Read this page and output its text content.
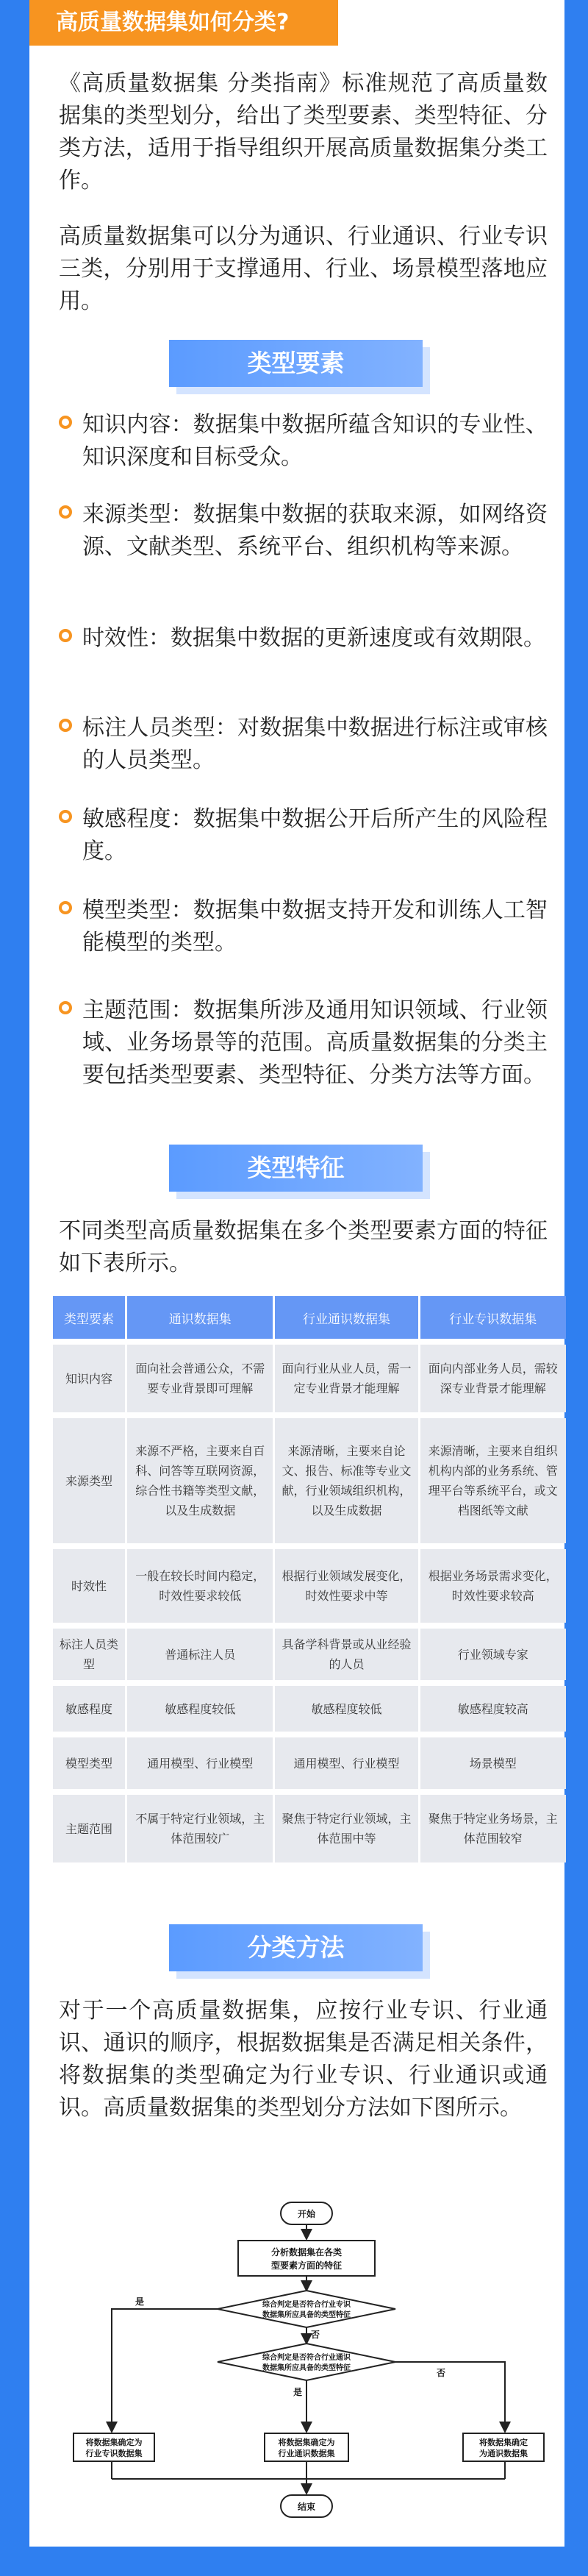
高质量数据集如何分类?
《高质量数据集 分类指南》标准规范了高质量数据集的类型划分，给出了类型要素、类型特征、分类方法，适用于指导组织开展高质量数据集分类工作。
高质量数据集可以分为通识、行业通识、行业专识三类，分别用于支撑通用、行业、场景模型落地应用。
类型要素
知识内容：数据集中数据所蕴含知识的专业性、知识深度和目标受众。
来源类型：数据集中数据的获取来源，如网络资源、文献类型、系统平台、组织机构等来源。
时效性：数据集中数据的更新速度或有效期限。
标注人员类型：对数据集中数据进行标注或审核的人员类型。
敏感程度：数据集中数据公开后所产生的风险程度。
模型类型：数据集中数据支持开发和训练人工智能模型的类型。
主题范围：数据集所涉及通用知识领域、行业领域、业务场景等的范围。高质量数据集的分类主要包括类型要素、类型特征、分类方法等方面。
类型特征
不同类型高质量数据集在多个类型要素方面的特征如下表所示。
类型要素	通识数据集	行业通识数据集	行业专识数据集
知识内容	面向社会普通公众，不需要专业背景即可理解	面向行业从业人员，需一定专业背景才能理解	面向内部业务人员，需较深专业背景才能理解
来源类型	来源不严格，主要来自百科、问答等互联网资源，综合性书籍等类型文献，以及生成数据	来源清晰，主要来自论文、报告、标准等专业文献，行业领域组织机构，以及生成数据	来源清晰，主要来自组织机构内部的业务系统、管理平台等系统平台，或文档图纸等文献
时效性	一般在较长时间内稳定，时效性要求较低	根据行业领域发展变化，时效性要求中等	根据业务场景需求变化，时效性要求较高
标注人员类型	普通标注人员	具备学科背景或从业经验的人员	行业领域专家
敏感程度	敏感程度较低	敏感程度较低	敏感程度较高
模型类型	通用模型、行业模型	通用模型、行业模型	场景模型
主题范围	不属于特定行业领域，主体范围较广	聚焦于特定行业领域，主体范围中等	聚焦于特定业务场景，主体范围较窄
分类方法
对于一个高质量数据集，应按行业专识、行业通识、通识的顺序，根据数据集是否满足相关条件，将数据集的类型确定为行业专识、行业通识或通识。高质量数据集的类型划分方法如下图所示。
开始
分析数据集在各类
型要素方面的特征
综合判定是否符合行业专识
数据集所应具备的类型特征
综合判定是否符合行业通识
数据集所应具备的类型特征
是
否
是
否
将数据集确定为
行业专识数据集
将数据集确定为
行业通识数据集
将数据集确定
为通识数据集
结束
